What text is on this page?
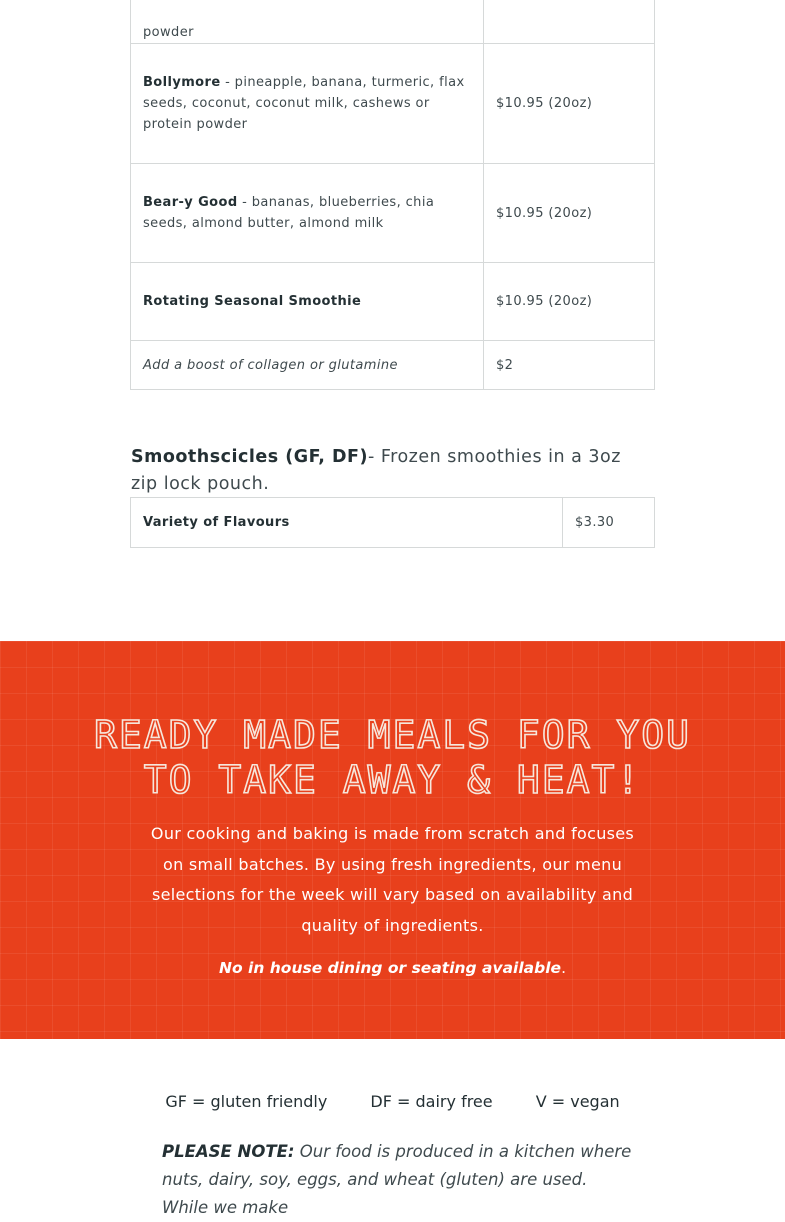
powder	
Bollymore - pineapple, banana, turmeric, flax seeds, coconut, coconut milk, cashews or protein powder	$10.95 (20oz)
Bear-y Good - bananas, blueberries, chia seeds, almond butter, almond milk	$10.95 (20oz)
Rotating Seasonal Smoothie	$10.95 (20oz)
Add a boost of collagen or glutamine	$2
Smoothscicles (GF, DF)- Frozen smoothies in a 3oz zip lock pouch.
Variety of Flavours	$3.30
READY MADE MEALS FOR YOU
TO TAKE AWAY & HEAT!

Our cooking and baking is made from scratch and focuses on small batches. By using fresh ingredients, our menu selections for the week will vary based on availability and quality of ingredients.

No in house dining or seating available.

GF = gluten friendly	DF = dairy free	V = vegan
PLEASE NOTE: Our food is produced in a kitchen where nuts, dairy, soy, eggs, and wheat (gluten) are used. While we make
